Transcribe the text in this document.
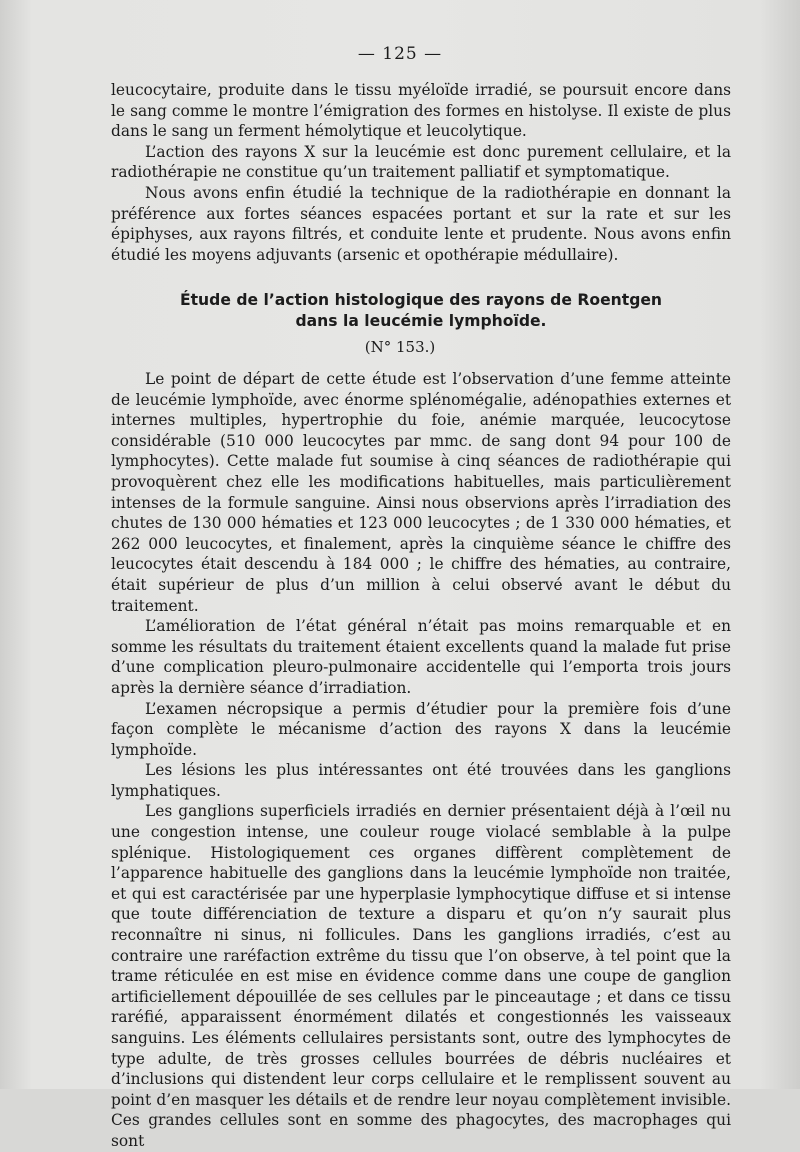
— 125 —

leucocytaire, produite dans le tissu myéloïde irradié, se poursuit encore dans le sang comme le montre l’émigration des formes en histolyse. Il existe de plus dans le sang un ferment hémolytique et leucolytique.

L’action des rayons X sur la leucémie est donc purement cellulaire, et la radiothérapie ne constitue qu’un traitement palliatif et symptomatique.

Nous avons enfin étudié la technique de la radiothérapie en donnant la préférence aux fortes séances espacées portant et sur la rate et sur les épiphyses, aux rayons filtrés, et conduite lente et prudente. Nous avons enfin étudié les moyens adjuvants (arsenic et opothérapie médullaire).

Étude de l’action histologique des rayons de Roentgen
dans la leucémie lymphoïde.
(N° 153.)

Le point de départ de cette étude est l’observation d’une femme atteinte de leucémie lymphoïde, avec énorme splénomégalie, adénopathies externes et internes multiples, hypertrophie du foie, anémie marquée, leucocytose considérable (510 000 leucocytes par mmc. de sang dont 94 pour 100 de lymphocytes). Cette malade fut soumise à cinq séances de radiothérapie qui provoquèrent chez elle les modifications habituelles, mais particulièrement intenses de la formule sanguine. Ainsi nous observions après l’irradiation des chutes de 130 000 hématies et 123 000 leucocytes ; de 1 330 000 hématies, et 262 000 leucocytes, et finalement, après la cinquième séance le chiffre des leucocytes était descendu à 184 000 ; le chiffre des hématies, au contraire, était supérieur de plus d’un million à celui observé avant le début du traitement.

L’amélioration de l’état général n’était pas moins remarquable et en somme les résultats du traitement étaient excellents quand la malade fut prise d’une complication pleuro-pulmonaire accidentelle qui l’emporta trois jours après la dernière séance d’irradiation.

L’examen nécropsique a permis d’étudier pour la première fois d’une façon complète le mécanisme d’action des rayons X dans la leucémie lymphoïde.

Les lésions les plus intéressantes ont été trouvées dans les ganglions lymphatiques.

Les ganglions superficiels irradiés en dernier présentaient déjà à l’œil nu une congestion intense, une couleur rouge violacé semblable à la pulpe splénique. Histologiquement ces organes diffèrent complètement de l’apparence habituelle des ganglions dans la leucémie lymphoïde non traitée, et qui est caractérisée par une hyperplasie lymphocytique diffuse et si intense que toute différenciation de texture a disparu et qu’on n’y saurait plus reconnaître ni sinus, ni follicules. Dans les ganglions irradiés, c’est au contraire une raréfaction extrême du tissu que l’on observe, à tel point que la trame réticulée en est mise en évidence comme dans une coupe de ganglion artificiellement dépouillée de ses cellules par le pinceautage ; et dans ce tissu raréfié, apparaissent énormément dilatés et congestionnés les vaisseaux sanguins. Les éléments cellulaires persistants sont, outre des lymphocytes de type adulte, de très grosses cellules bourrées de débris nucléaires et d’inclusions qui distendent leur corps cellulaire et le remplissent souvent au point d’en masquer les détails et de rendre leur noyau complètement invisible. Ces grandes cellules sont en somme des phagocytes, des macrophages qui sont
